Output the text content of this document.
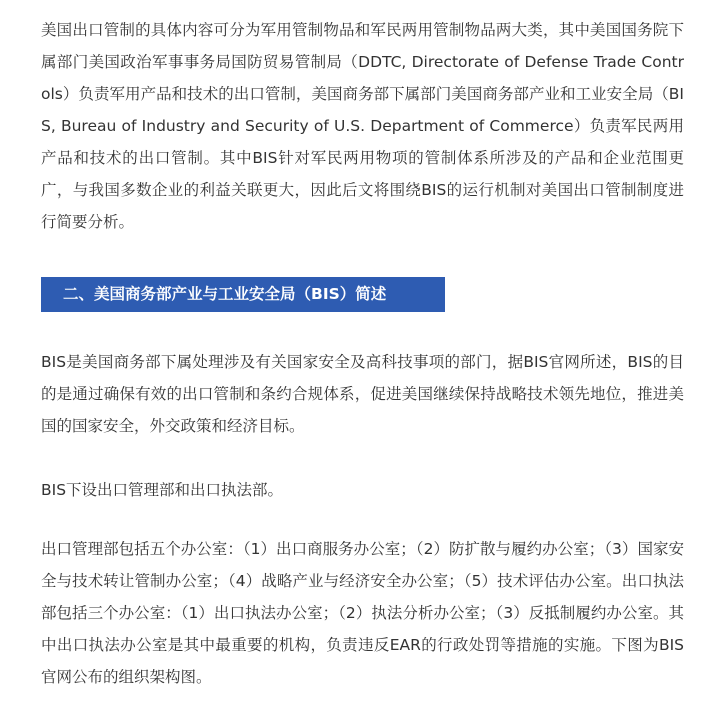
美国出口管制的具体内容可分为军用管制物品和军民两用管制物品两大类，其中美国国务院下属部门美国政治军事事务局国防贸易管制局（DDTC, Directorate of Defense Trade Controls）负责军用产品和技术的出口管制，美国商务部下属部门美国商务部产业和工业安全局（BIS, Bureau of Industry and Security of U.S. Department of Commerce）负责军民两用产品和技术的出口管制。其中BIS针对军民两用物项的管制体系所涉及的产品和企业范围更广，与我国多数企业的利益关联更大，因此后文将围绕BIS的运行机制对美国出口管制制度进行简要分析。

二、美国商务部产业与工业安全局（BIS）简述

BIS是美国商务部下属处理涉及有关国家安全及高科技事项的部门，据BIS官网所述，BIS的目的是通过确保有效的出口管制和条约合规体系，促进美国继续保持战略技术领先地位，推进美国的国家安全，外交政策和经济目标。

BIS下设出口管理部和出口执法部。

出口管理部包括五个办公室：（1）出口商服务办公室；（2）防扩散与履约办公室；（3）国家安全与技术转让管制办公室；（4）战略产业与经济安全办公室；（5）技术评估办公室。出口执法部包括三个办公室：（1）出口执法办公室；（2）执法分析办公室；（3）反抵制履约办公室。其中出口执法办公室是其中最重要的机构，负责违反EAR的行政处罚等措施的实施。下图为BIS官网公布的组织架构图。
